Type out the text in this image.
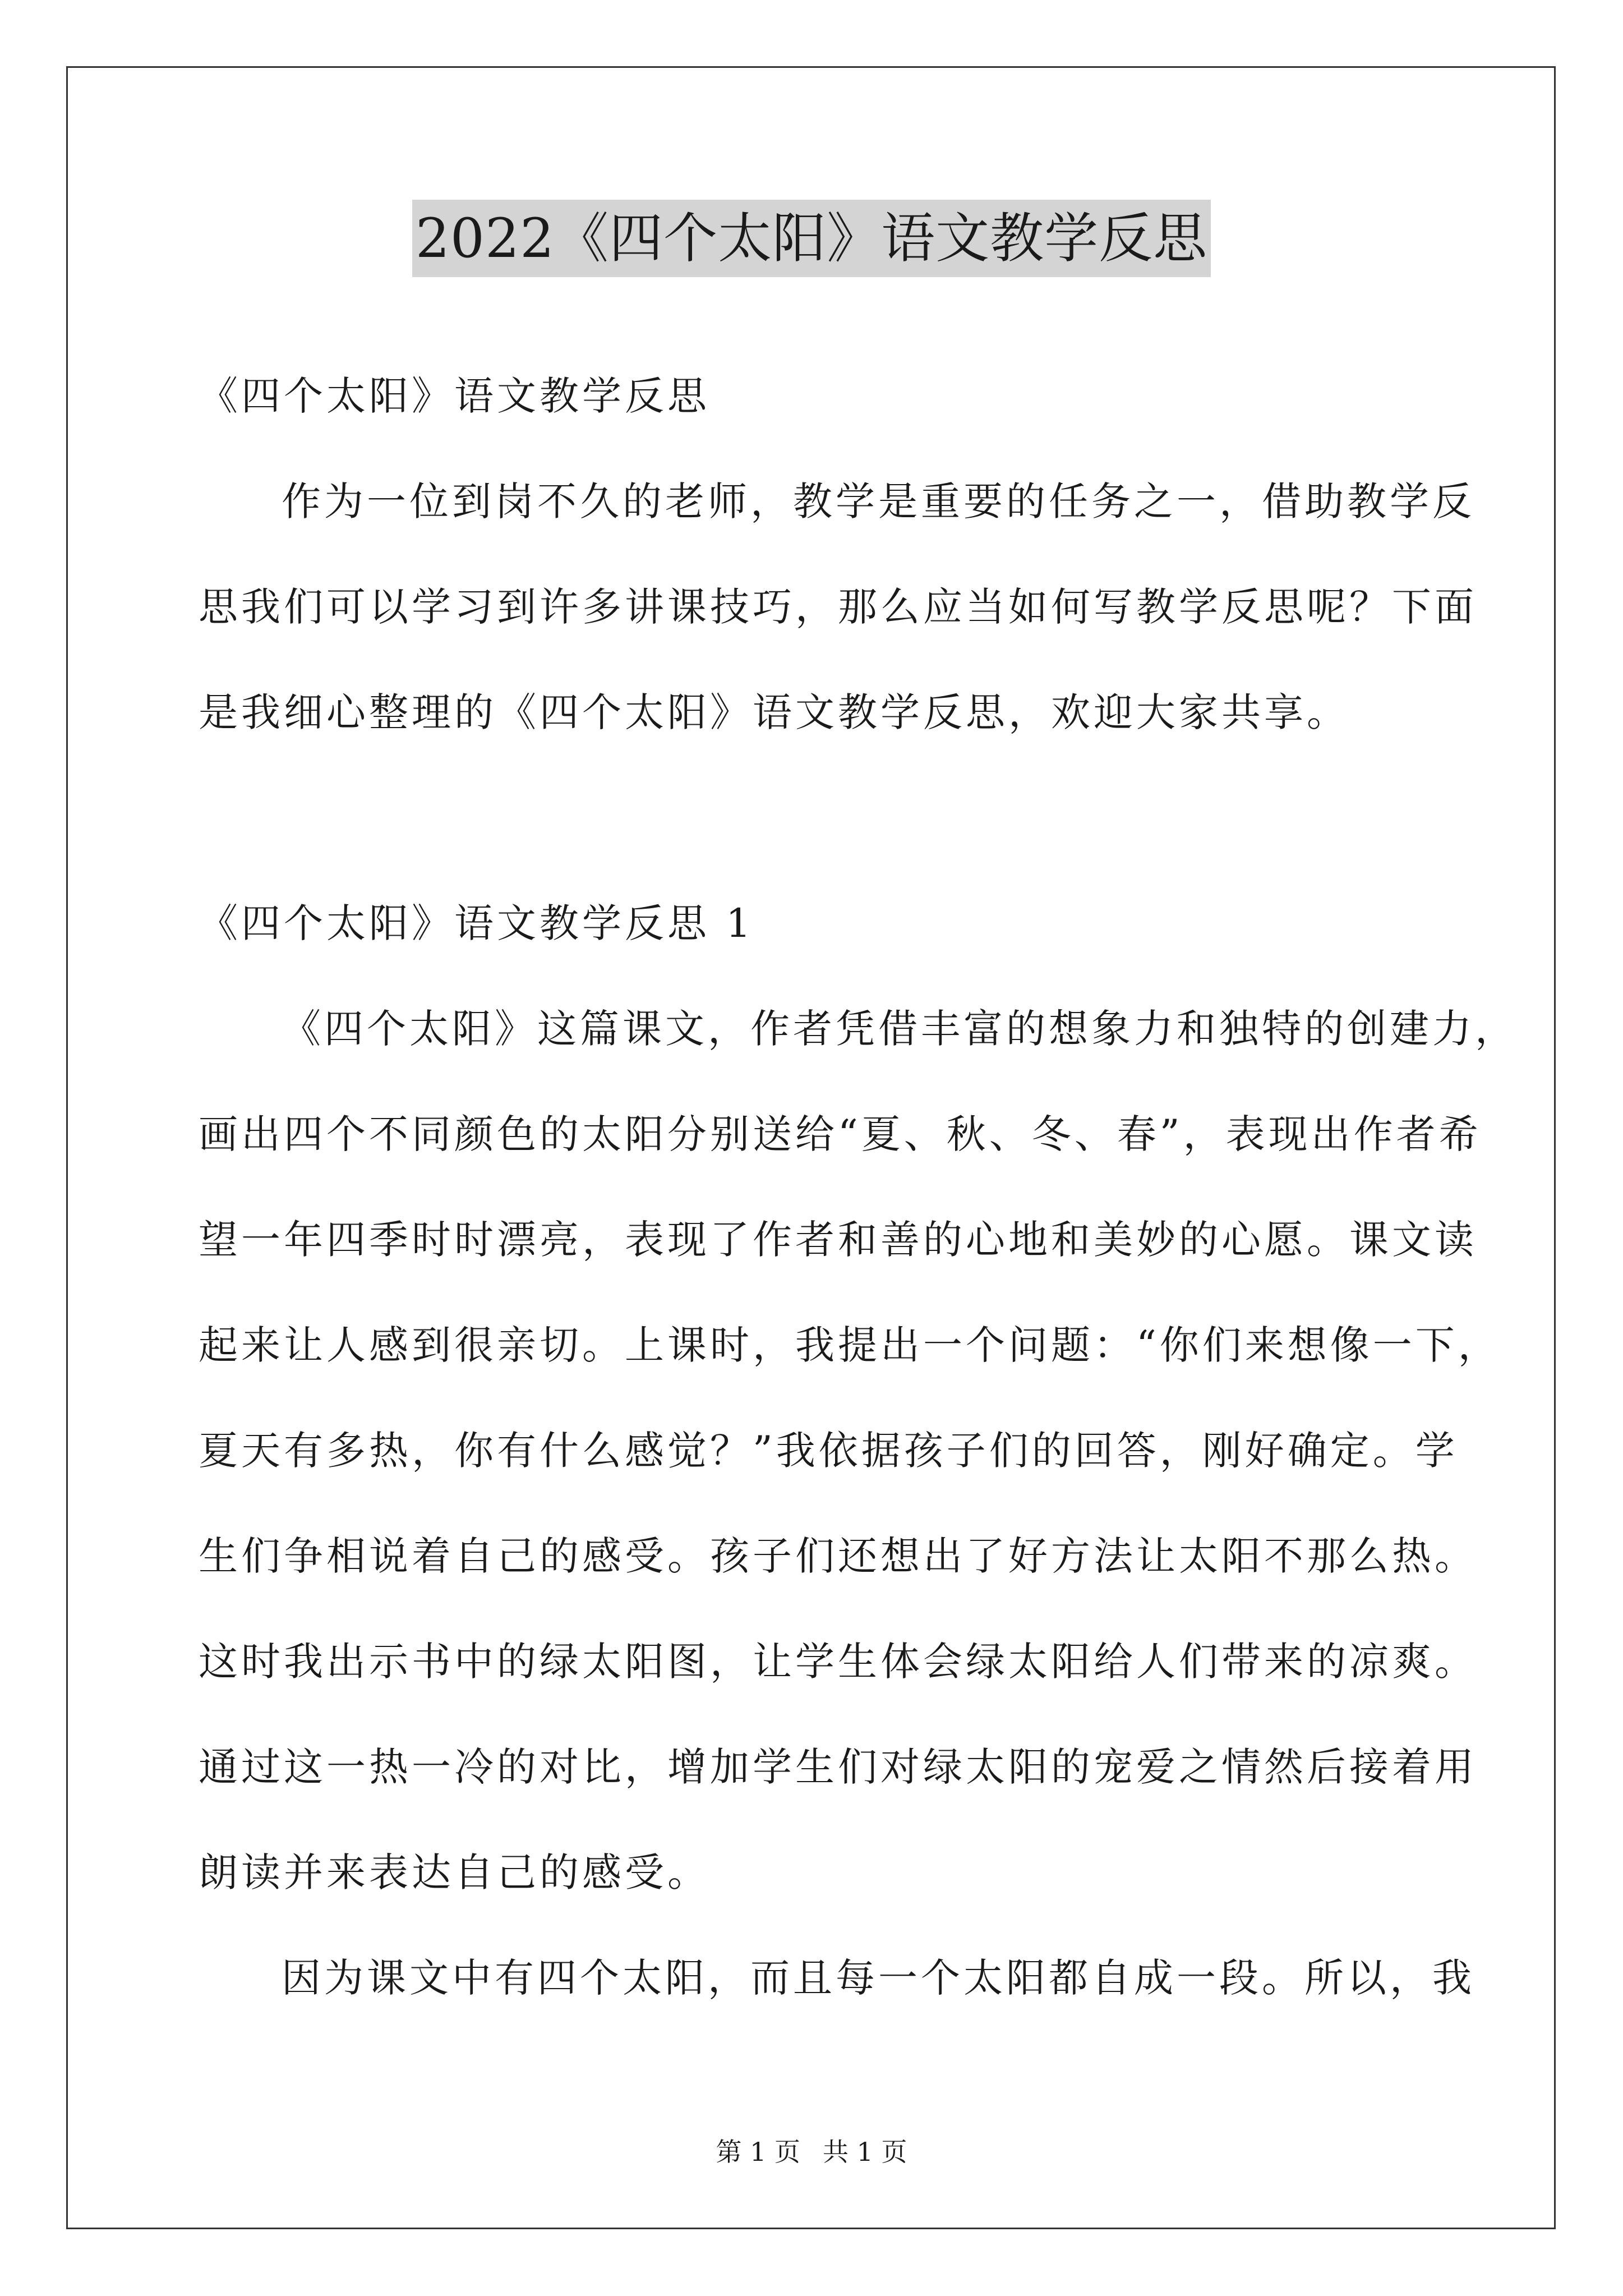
2022《四个太阳》语文教学反思
《四个太阳》语文教学反思
作为一位到岗不久的老师，教学是重要的任务之一，借助教学反
思我们可以学习到许多讲课技巧，那么应当如何写教学反思呢？下面
是我细心整理的《四个太阳》语文教学反思，欢迎大家共享。
《四个太阳》语文教学反思 1
《四个太阳》这篇课文，作者凭借丰富的想象力和独特的创建力，
画出四个不同颜色的太阳分别送给“夏、秋、冬、春”，表现出作者希
望一年四季时时漂亮，表现了作者和善的心地和美妙的心愿。课文读
起来让人感到很亲切。上课时，我提出一个问题：“你们来想像一下，
夏天有多热，你有什么感觉？”我依据孩子们的回答，刚好确定。学
生们争相说着自己的感受。孩子们还想出了好方法让太阳不那么热。
这时我出示书中的绿太阳图，让学生体会绿太阳给人们带来的凉爽。
通过这一热一冷的对比，增加学生们对绿太阳的宠爱之情然后接着用
朗读并来表达自己的感受。
因为课文中有四个太阳，而且每一个太阳都自成一段。所以，我
第 1 页 共 1 页
